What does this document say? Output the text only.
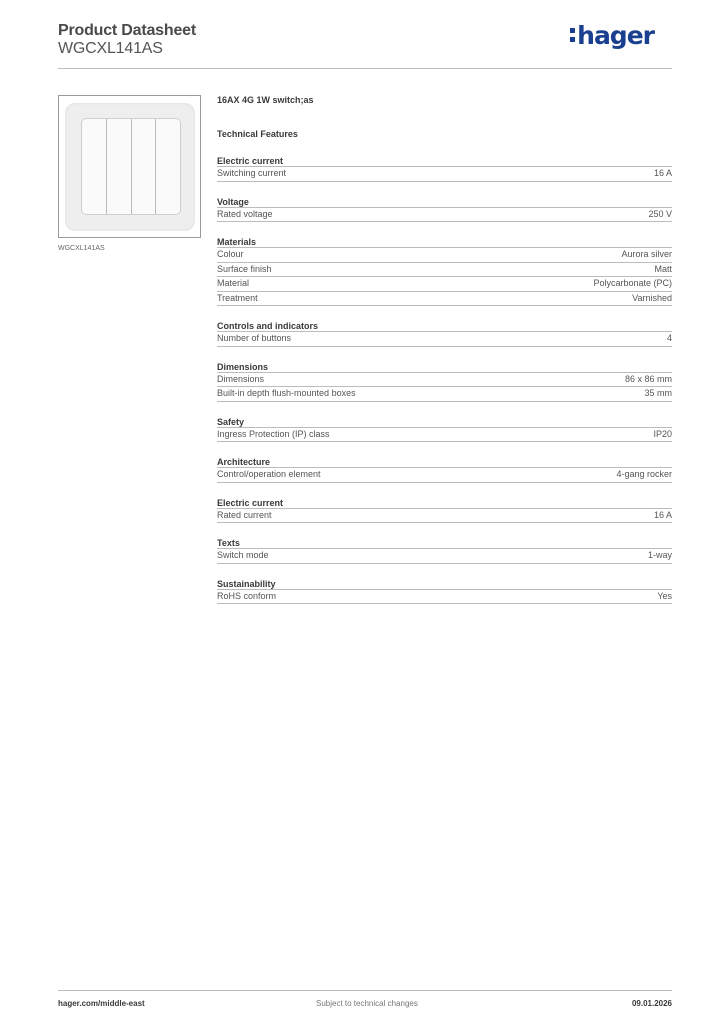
Product Datasheet
WGCXL141AS	hager
WGCXL141AS
16AX 4G 1W switch;as
Technical Features
Electric current
Switching current	16 A
Voltage
Rated voltage	250 V
Materials
Colour	Aurora silver
Surface finish	Matt
Material	Polycarbonate (PC)
Treatment	Varnished
Controls and indicators
Number of buttons	4
Dimensions
Dimensions	86 x 86 mm
Built-in depth flush-mounted boxes	35 mm
Safety
Ingress Protection (IP) class	IP20
Architecture
Control/operation element	4-gang rocker
Electric current
Rated current	16 A
Texts
Switch mode	1-way
Sustainability
RoHS conform	Yes
hager.com/middle-east	Subject to technical changes	09.01.2026
